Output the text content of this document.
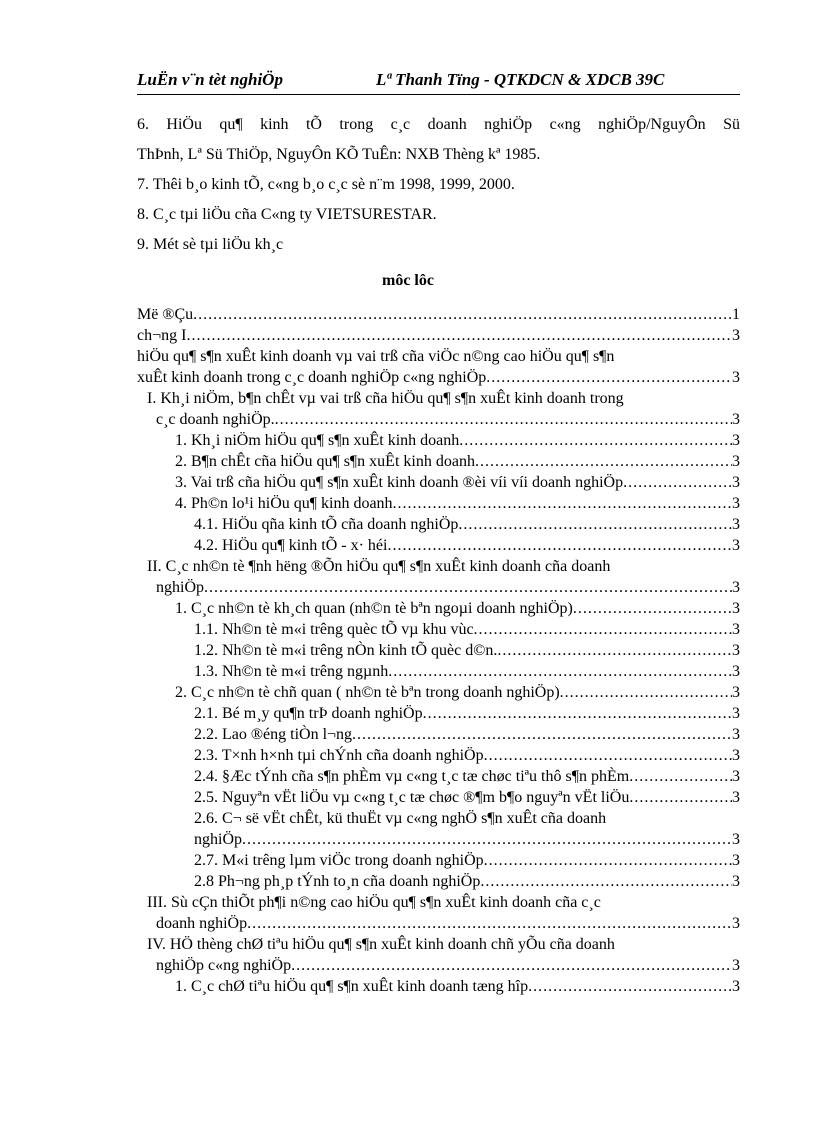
LuËn v¨n tèt nghiÖp	Lª Thanh Tïng - QTKDCN & XDCB 39C

6. HiÖu qu¶ kinh tÕ trong c¸c doanh nghiÖp c«ng nghiÖp/NguyÔn Sü

ThÞnh, Lª Sü ThiÖp, NguyÔn KÕ TuÊn: NXB Thèng kª 1985.

7. Thêi b¸o kinh tÕ, c«ng b¸o c¸c sè n¨m 1998, 1999, 2000.

8. C¸c tµi liÖu cña C«ng ty VIETSURESTAR.

9. Mét sè tµi liÖu kh¸c

môc lôc
Më ®Çu .....	1
ch¬ng I .....	3
hiÖu qu¶ s¶n xuÊt kinh doanh vµ vai trß cña viÖc n©ng cao hiÖu qu¶ s¶n
xuÊt kinh doanh trong c¸c doanh nghiÖp c«ng nghiÖp .....	3
I. Kh¸i niÖm, b¶n chÊt vµ vai trß cña hiÖu qu¶ s¶n xuÊt kinh doanh trong
c¸c doanh nghiÖp. .....	3
1. Kh¸i niÖm hiÖu qu¶ s¶n xuÊt kinh doanh .....	3
2. B¶n chÊt cña hiÖu qu¶ s¶n xuÊt kinh doanh .....	3
3. Vai trß cña hiÖu qu¶ s¶n xuÊt kinh doanh ®èi víi víi doanh nghiÖp .....	3
4. Ph©n lo¹i hiÖu qu¶ kinh doanh .....	3
4.1. HiÖu qña kinh tÕ cña doanh nghiÖp .....	3
4.2. HiÖu qu¶ kinh tÕ - x· héi .....	3
II. C¸c nh©n tè ¶nh hëng ®Õn hiÖu qu¶ s¶n xuÊt kinh doanh cña doanh
nghiÖp .....	3
1. C¸c nh©n tè kh¸ch quan (nh©n tè bªn ngoµi doanh nghiÖp) .....	3
1.1. Nh©n tè m«i trêng quèc tÕ vµ khu vùc .....	3
1.2. Nh©n tè m«i trêng nÒn kinh tÕ quèc d©n. .....	3
1.3. Nh©n tè m«i trêng ngµnh .....	3
2. C¸c nh©n tè chñ quan ( nh©n tè bªn trong doanh nghiÖp) .....	3
2.1. Bé m¸y qu¶n trÞ doanh nghiÖp .....	3
2.2. Lao ®éng tiÒn l¬ng .....	3
2.3. T×nh h×nh tµi chÝnh cña doanh nghiÖp .....	3
2.4. §Æc tÝnh cña s¶n phÈm vµ c«ng t¸c tæ chøc tiªu thô s¶n phÈm .....	3
2.5. Nguyªn vËt liÖu vµ c«ng t¸c tæ chøc ®¶m b¶o nguyªn vËt liÖu .....	3
2.6. C¬ së vËt chÊt, kü thuËt vµ c«ng nghÖ s¶n xuÊt cña doanh
nghiÖp .....	3
2.7. M«i trêng lµm viÖc trong doanh nghiÖp .....	3
2.8 Ph¬ng ph¸p tÝnh to¸n cña doanh nghiÖp .....	3
III. Sù cÇn thiÕt ph¶i n©ng cao hiÖu qu¶ s¶n xuÊt kinh doanh cña c¸c
doanh nghiÖp .....	3
IV. HÖ thèng chØ tiªu hiÖu qu¶ s¶n xuÊt kinh doanh chñ yÕu cña doanh
nghiÖp c«ng nghiÖp .....	3
1. C¸c chØ tiªu hiÖu qu¶ s¶n xuÊt kinh doanh tæng hîp .....	3
